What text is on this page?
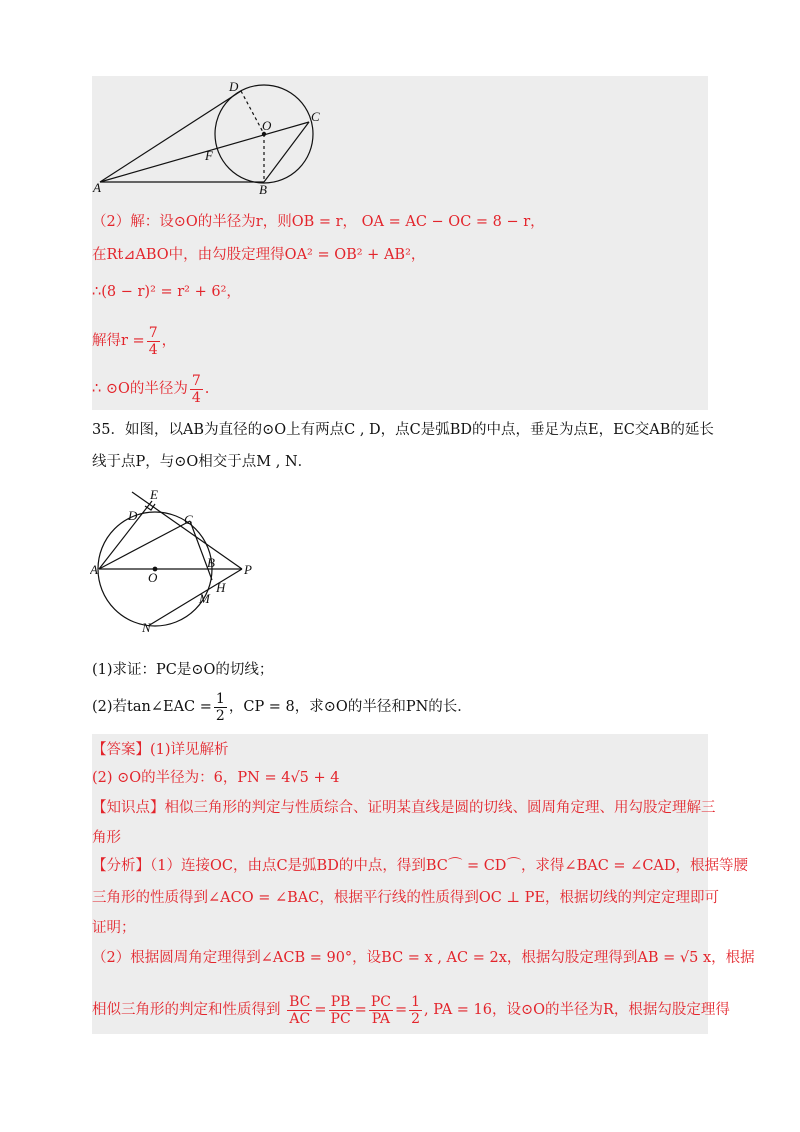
D
O
C
F
A	B
（2）解：设⊙O的半径为r，则OB = r， OA = AC − OC = 8 − r，
在Rt⊿ABO中，由勾股定理得OA² = OB² + AB²，
∴(8 − r)² = r² + 6²，
解得$r = \frac{7}{4}$ ，
∴ ⊙O的半径为 $\frac{7}{4}$ .
35．如图，以AB为直径的⊙O上有两点C , D，点C是弧BD的中点，垂足为点E，EC交AB的延长
线于点P，与⊙O相交于点M , N．
E
D	C
A
O
B P
H
M
N
(1)求证：PC是⊙O的切线；
(2)若tan∠EAC = $\frac{1}{2}$ ，CP = 8，求⊙O的半径和PN的长．
【答案】(1)详见解析
(2) ⊙O的半径为：6，PN = 4√5 + 4
【知识点】相似三角形的判定与性质综合、证明某直线是圆的切线、圆周角定理、用勾股定理解三
角形
【分析】（1）连接OC，由点C是弧BD的中点，得到BC⌒ = CD⌒，求得∠BAC = ∠CAD，根据等腰
三角形的性质得到∠ACO = ∠BAC，根据平行线的性质得到OC ⊥ PE，根据切线的判定定理即可
证明；
（2）根据圆周角定理得到∠ACB = 90°，设BC = x , AC = 2x，根据勾股定理得到AB = √5 x，根据
相似三角形的判定和性质得到 $\frac{BC}{AC} = \frac{PB}{PC} = \frac{PC}{PA} = \frac{1}{2}$ , PA = 16，设⊙O的半径为R，根据勾股定理得
